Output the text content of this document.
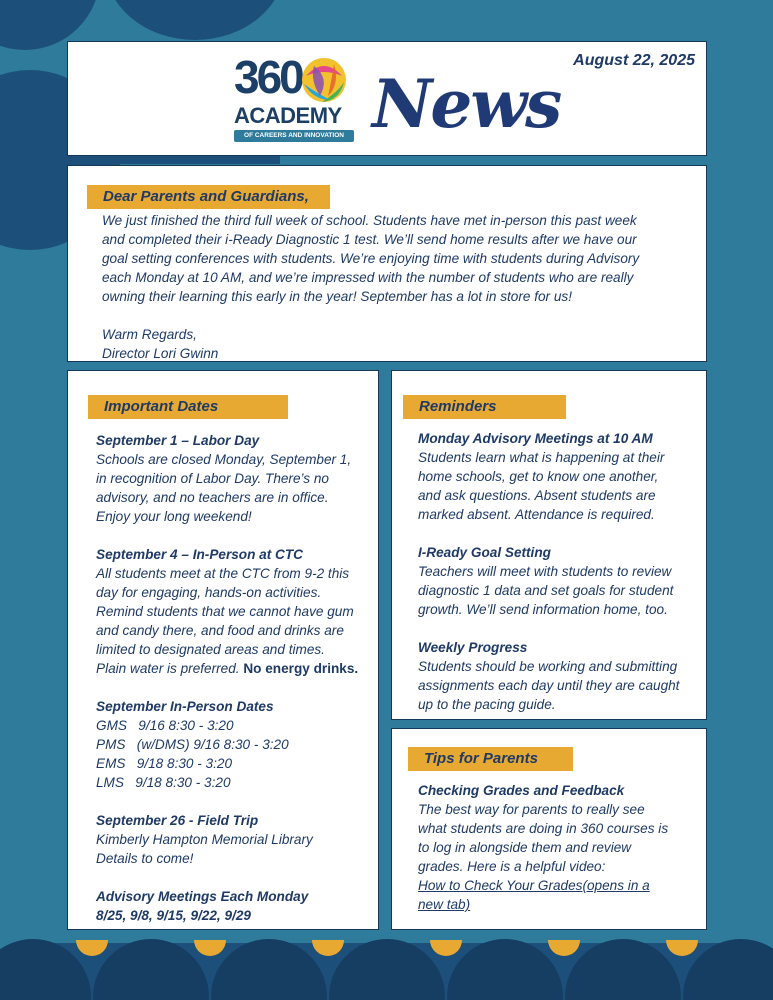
360
ACADEMY
OF CAREERS AND INNOVATION News
August 22, 2025
Dear Parents and Guardians,

We just finished the third full week of school. Students have met in-person this past week

and completed their i-Ready Diagnostic 1 test. We’ll send home results after we have our

goal setting conferences with students. We’re enjoying time with students during Advisory

each Monday at 10 AM, and we’re impressed with the number of students who are really

owning their learning this early in the year! September has a lot in store for us!

Warm Regards,

Director Lori Gwinn

Important Dates

September 1 – Labor Day

Schools are closed Monday, September 1,

in recognition of Labor Day. There’s no

advisory, and no teachers are in office.

Enjoy your long weekend!

September 4 – In-Person at CTC

All students meet at the CTC from 9-2 this

day for engaging, hands-on activities.

Remind students that we cannot have gum

and candy there, and food and drinks are

limited to designated areas and times.

Plain water is preferred. No energy drinks.

September In-Person Dates

GMS   9/16 8:30 - 3:20

PMS   (w/DMS) 9/16 8:30 - 3:20

EMS   9/18 8:30 - 3:20

LMS   9/18 8:30 - 3:20

September 26 - Field Trip

Kimberly Hampton Memorial Library

Details to come!

Advisory Meetings Each Monday

8/25, 9/8, 9/15, 9/22, 9/29

Reminders

Monday Advisory Meetings at 10 AM

Students learn what is happening at their

home schools, get to know one another,

and ask questions. Absent students are

marked absent. Attendance is required.

I-Ready Goal Setting

Teachers will meet with students to review

diagnostic 1 data and set goals for student

growth. We’ll send information home, too.

Weekly Progress

Students should be working and submitting

assignments each day until they are caught

up to the pacing guide.

Tips for Parents

Checking Grades and Feedback

The best way for parents to really see

what students are doing in 360 courses is

to log in alongside them and review

grades. Here is a helpful video:

How to Check Your Grades(opens in a

new tab)
